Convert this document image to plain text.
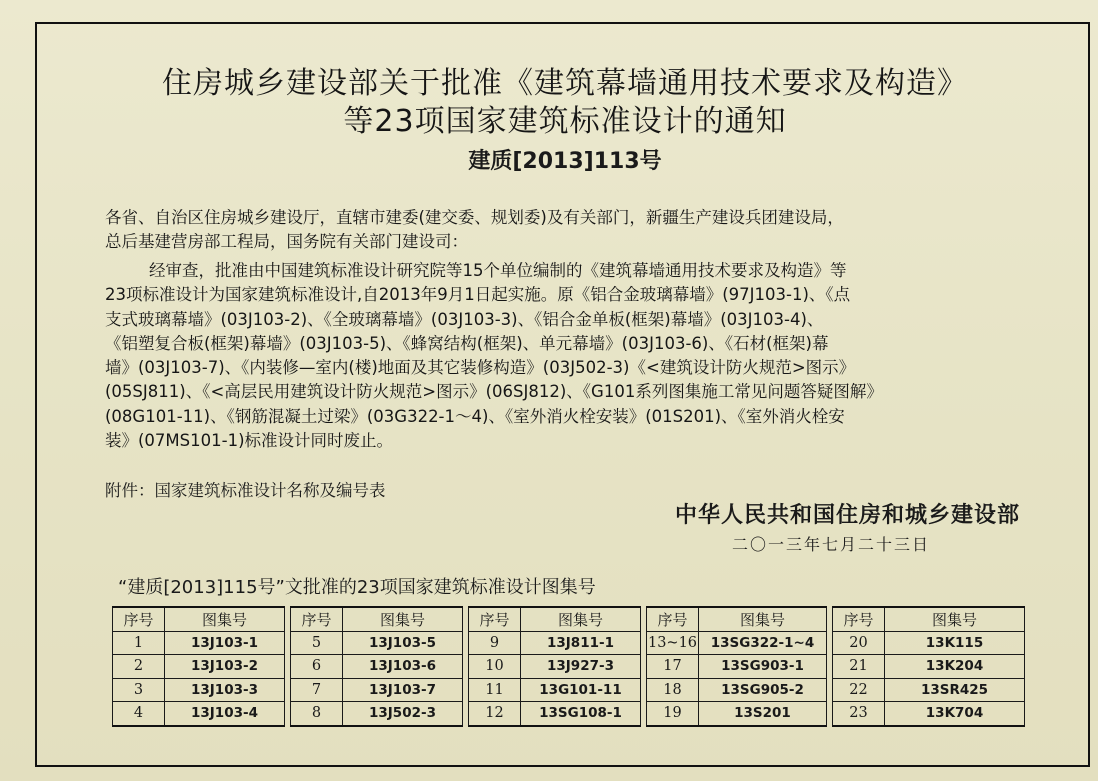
住房城乡建设部关于批准《建筑幕墙通用技术要求及构造》
等23项国家建筑标准设计的通知
建质[2013]113号
各省、自治区住房城乡建设厅，直辖市建委(建交委、规划委)及有关部门，新疆生产建设兵团建设局，
总后基建营房部工程局，国务院有关部门建设司：
经审查，批准由中国建筑标准设计研究院等15个单位编制的《建筑幕墙通用技术要求及构造》等
23项标准设计为国家建筑标准设计,自2013年9月1日起实施。原《铝合金玻璃幕墙》(97J103-1)、《点
支式玻璃幕墙》(03J103-2)、《全玻璃幕墙》(03J103-3)、《铝合金单板(框架)幕墙》(03J103-4)、
《铝塑复合板(框架)幕墙》(03J103-5)、《蜂窝结构(框架)、单元幕墙》(03J103-6)、《石材(框架)幕
墙》(03J103-7)、《内装修—室内(楼)地面及其它装修构造》(03J502-3)《<建筑设计防火规范>图示》
(05SJ811)、《<高层民用建筑设计防火规范>图示》(06SJ812)、《G101系列图集施工常见问题答疑图解》
(08G101-11)、《钢筋混凝土过梁》(03G322-1～4)、《室外消火栓安装》(01S201)、《室外消火栓安
装》(07MS101-1)标准设计同时废止。
附件：国家建筑标准设计名称及编号表
中华人民共和国住房和城乡建设部
二〇一三年七月二十三日
“建质[2013]115号”文批准的23项国家建筑标准设计图集号
序号	图集号		序号	图集号		序号	图集号		序号	图集号		序号	图集号
1	13J103-1		5	13J103-5		9	13J811-1		13~16	13SG322-1~4		20	13K115
2	13J103-2		6	13J103-6		10	13J927-3		17	13SG903-1		21	13K204
3	13J103-3		7	13J103-7		11	13G101-11		18	13SG905-2		22	13SR425
4	13J103-4		8	13J502-3		12	13SG108-1		19	13S201		23	13K704
